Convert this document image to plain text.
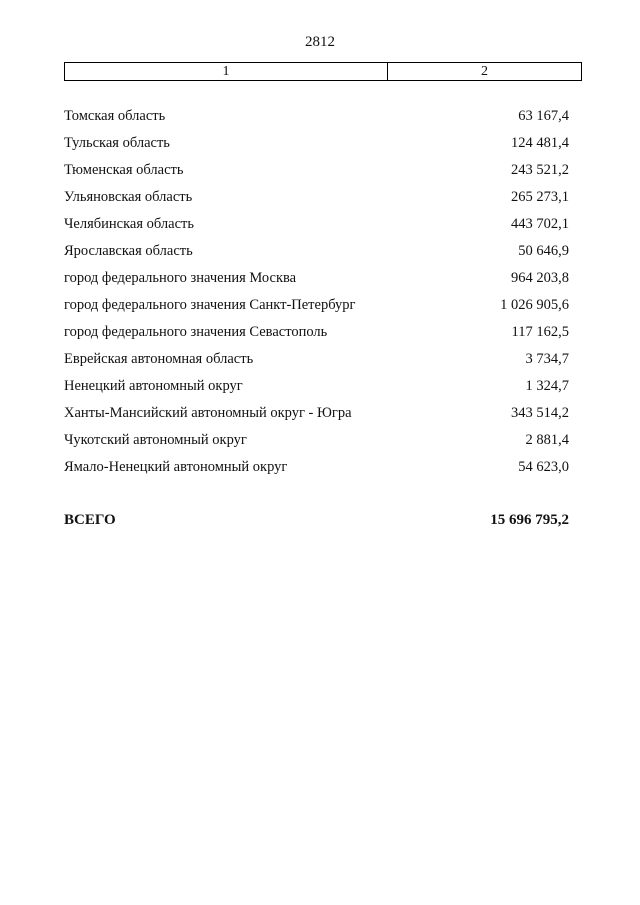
2812
1	2
Томская область	63 167,4
Тульская область	124 481,4
Тюменская область	243 521,2
Ульяновская область	265 273,1
Челябинская область	443 702,1
Ярославская область	50 646,9
город федерального значения Москва	964 203,8
город федерального значения Санкт-Петербург	1 026 905,6
город федерального значения Севастополь	117 162,5
Еврейская автономная область	3 734,7
Ненецкий автономный округ	1 324,7
Ханты-Мансийский автономный округ - Югра	343 514,2
Чукотский автономный округ	2 881,4
Ямало-Ненецкий автономный округ	54 623,0
ВСЕГО	15 696 795,2
